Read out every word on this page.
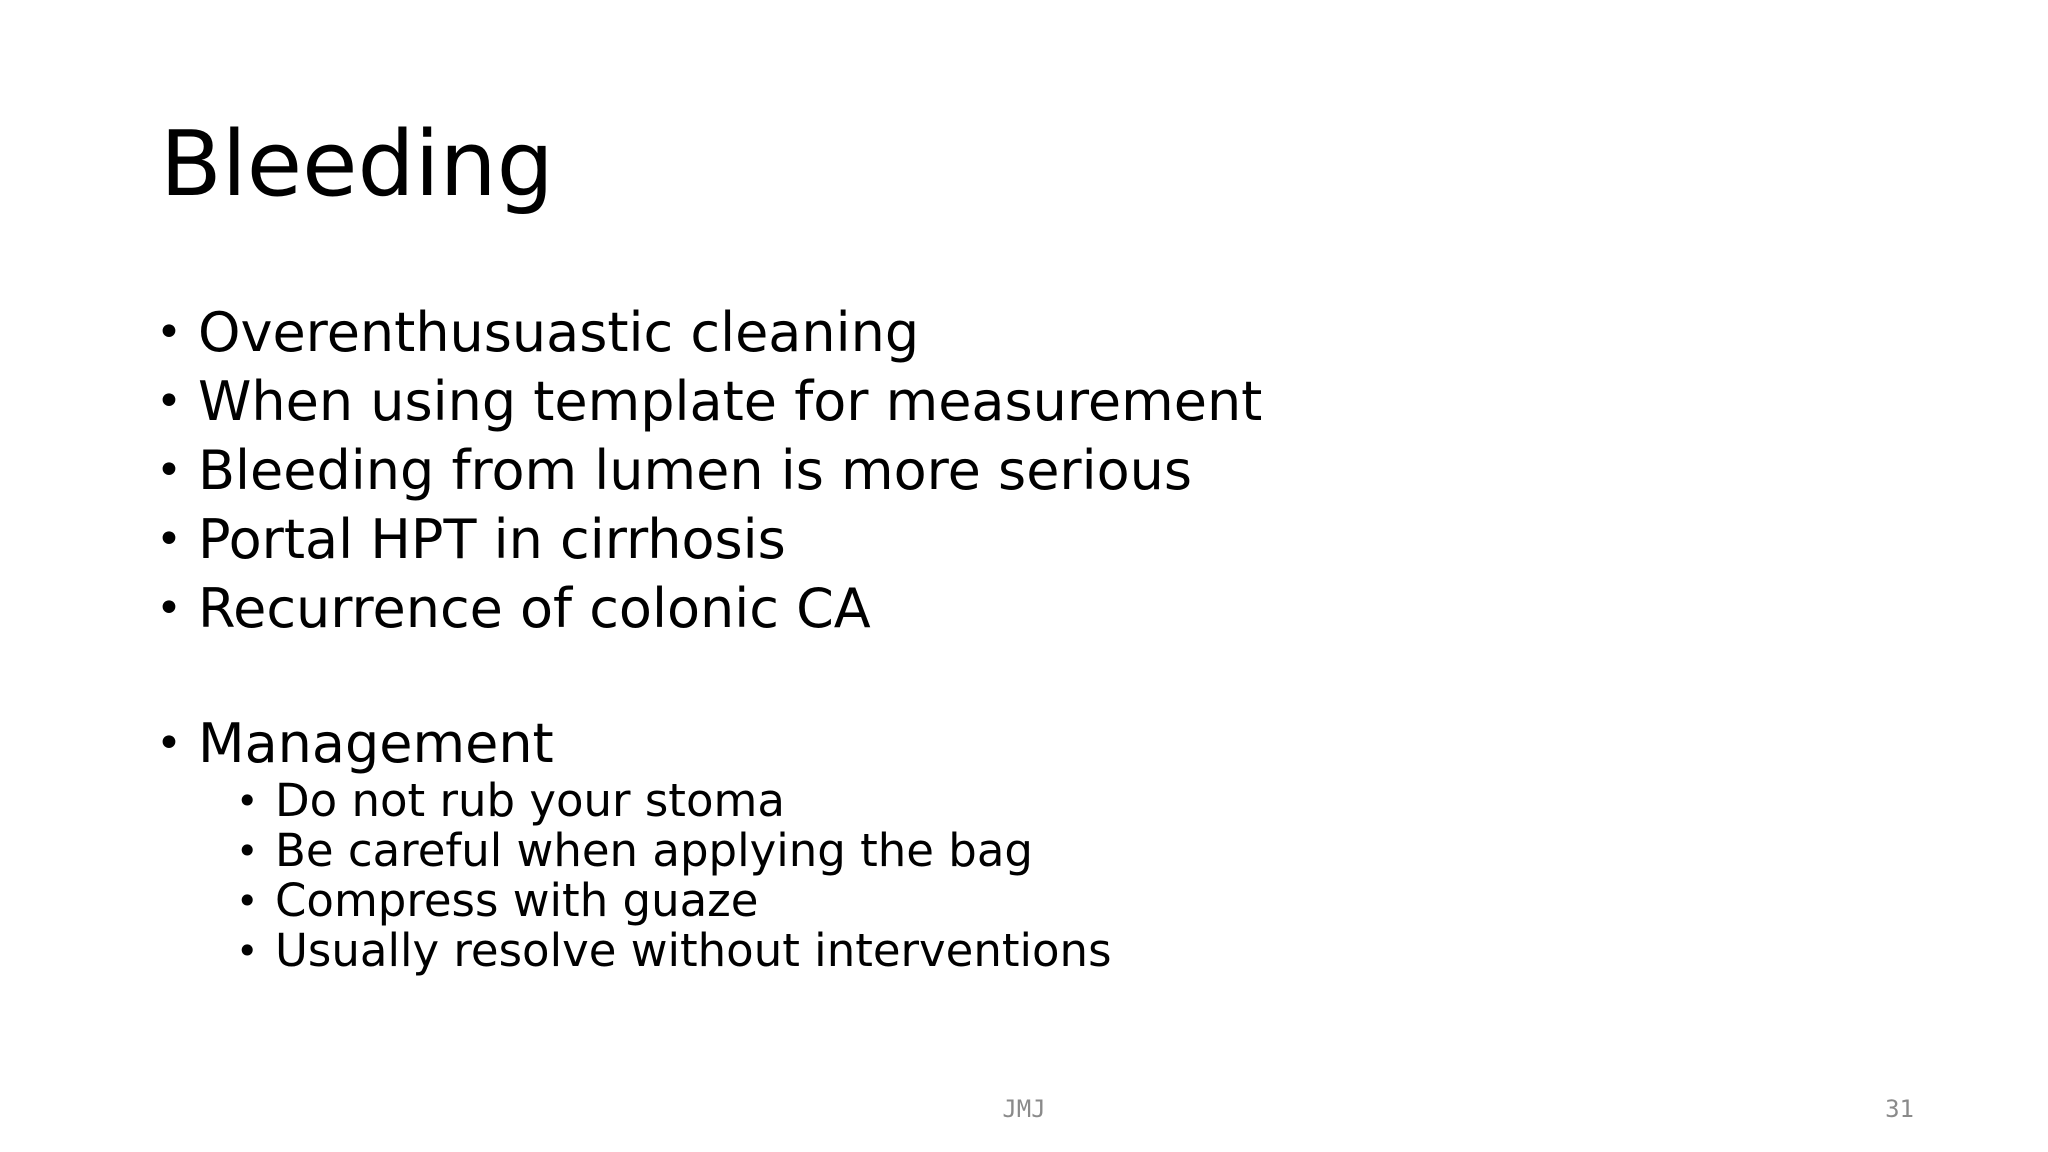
Bleeding
• Overenthusuastic cleaning
• When using template for measurement
• Bleeding from lumen is more serious
• Portal HPT in cirrhosis
• Recurrence of colonic CA
• Management
• Do not rub your stoma
• Be careful when applying the bag
• Compress with guaze
• Usually resolve without interventions
JMJ	31
